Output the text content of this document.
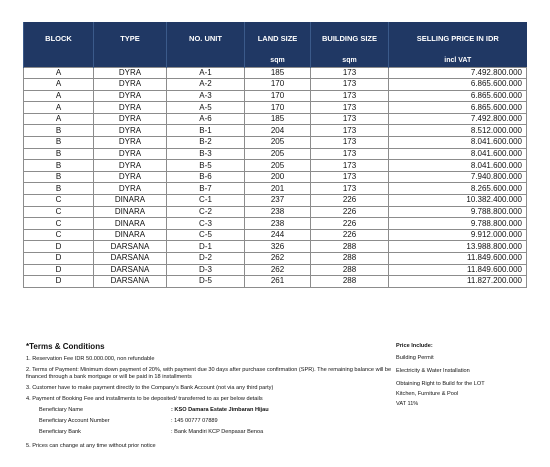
BLOCK	TYPE	NO. UNIT	LAND SIZE	BUILDING SIZE	SELLING PRICE IN IDR
			sqm	sqm	incl VAT
A	DYRA	A-1	185	173	7.492.800.000
A	DYRA	A-2	170	173	6.865.600.000
A	DYRA	A-3	170	173	6.865.600.000
A	DYRA	A-5	170	173	6.865.600.000
A	DYRA	A-6	185	173	7.492.800.000
B	DYRA	B-1	204	173	8.512.000.000
B	DYRA	B-2	205	173	8.041.600.000
B	DYRA	B-3	205	173	8.041.600.000
B	DYRA	B-5	205	173	8.041.600.000
B	DYRA	B-6	200	173	7.940.800.000
B	DYRA	B-7	201	173	8.265.600.000
C	DINARA	C-1	237	226	10.382.400.000
C	DINARA	C-2	238	226	9.788.800.000
C	DINARA	C-3	238	226	9.788.800.000
C	DINARA	C-5	244	226	9.912.000.000
D	DARSANA	D-1	326	288	13.988.800.000
D	DARSANA	D-2	262	288	11.849.600.000
D	DARSANA	D-3	262	288	11.849.600.000
D	DARSANA	D-5	261	288	11.827.200.000
*Terms & Conditions
1. Reservation Fee IDR 50.000.000, non refundable
2. Terms of Payment: Minimum down payment of 20%, with payment due 30 days after purchase confirmation (SPR). The remaining balance will be financed through a bank mortgage or will be paid in 18 installments
3. Customer have to make payment directly to the Company's Bank Account (not via any third party)
4. Payment of Booking Fee and installments to be deposited/ transferred to as per below details
Beneficiary Name	: KSO Damara Estate Jimbaran Hijau
Beneficiary Account Number	: 145 00777 07889
Beneficiary Bank	: Bank Mandiri KCP Denpasar Benoa
5. Prices can change at any time without prior notice
Price Include:
Building Permit
Electricity & Water Installation
Obtaining Right to Build for the LOT
Kitchen, Furniture & Pool
VAT 11%
